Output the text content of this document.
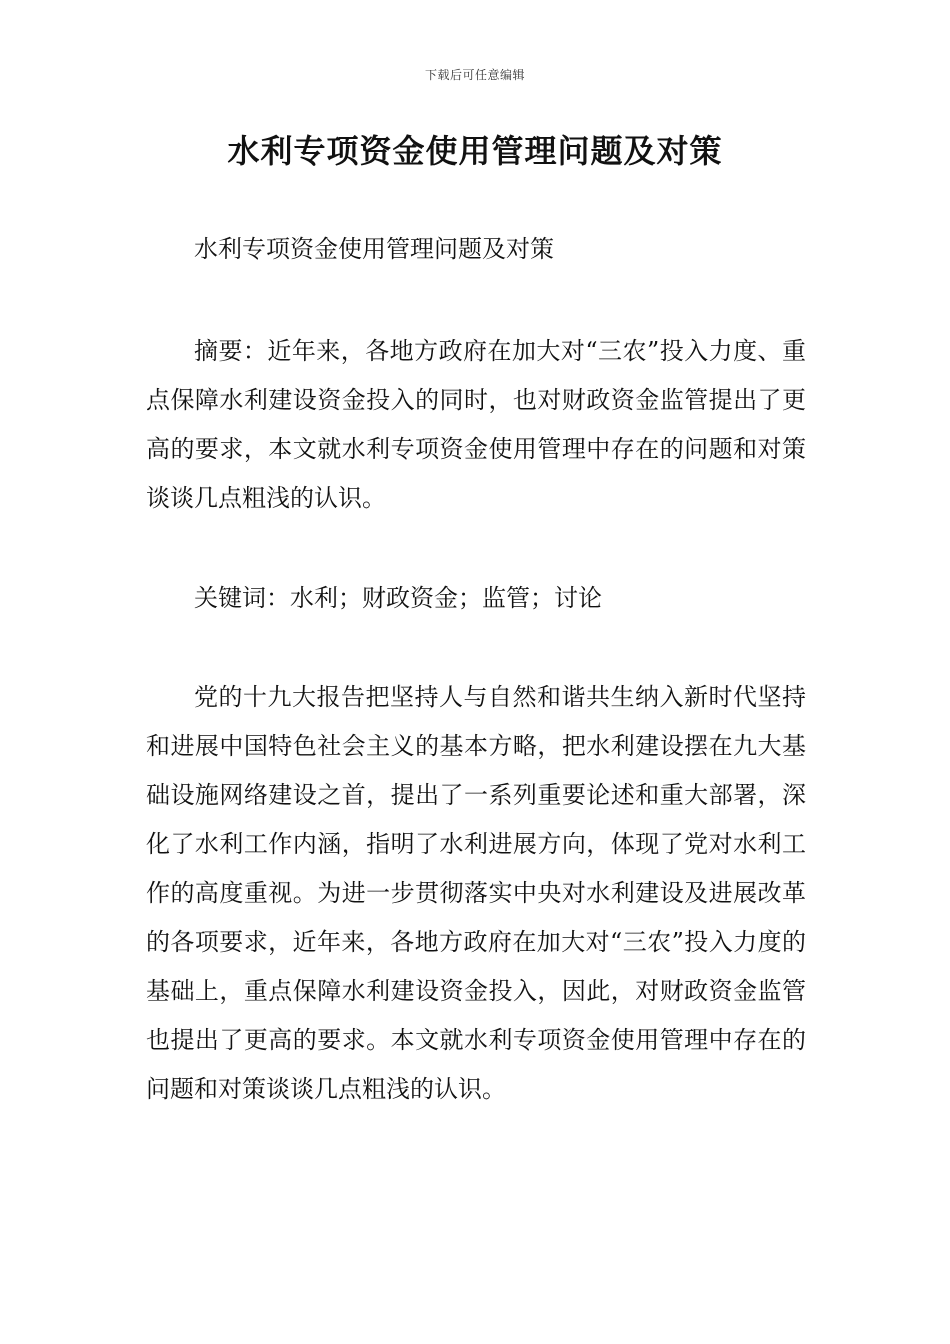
下载后可任意编辑
水利专项资金使用管理问题及对策

水利专项资金使用管理问题及对策

摘要：近年来，各地方政府在加大对“三农”投入力度、重点保障水利建设资金投入的同时，也对财政资金监管提出了更高的要求，本文就水利专项资金使用管理中存在的问题和对策谈谈几点粗浅的认识。

关键词：水利；财政资金；监管；讨论

党的十九大报告把坚持人与自然和谐共生纳入新时代坚持和进展中国特色社会主义的基本方略，把水利建设摆在九大基础设施网络建设之首，提出了一系列重要论述和重大部署，深化了水利工作内涵，指明了水利进展方向，体现了党对水利工作的高度重视。为进一步贯彻落实中央对水利建设及进展改革的各项要求，近年来，各地方政府在加大对“三农”投入力度的基础上，重点保障水利建设资金投入，因此，对财政资金监管也提出了更高的要求。本文就水利专项资金使用管理中存在的问题和对策谈谈几点粗浅的认识。
